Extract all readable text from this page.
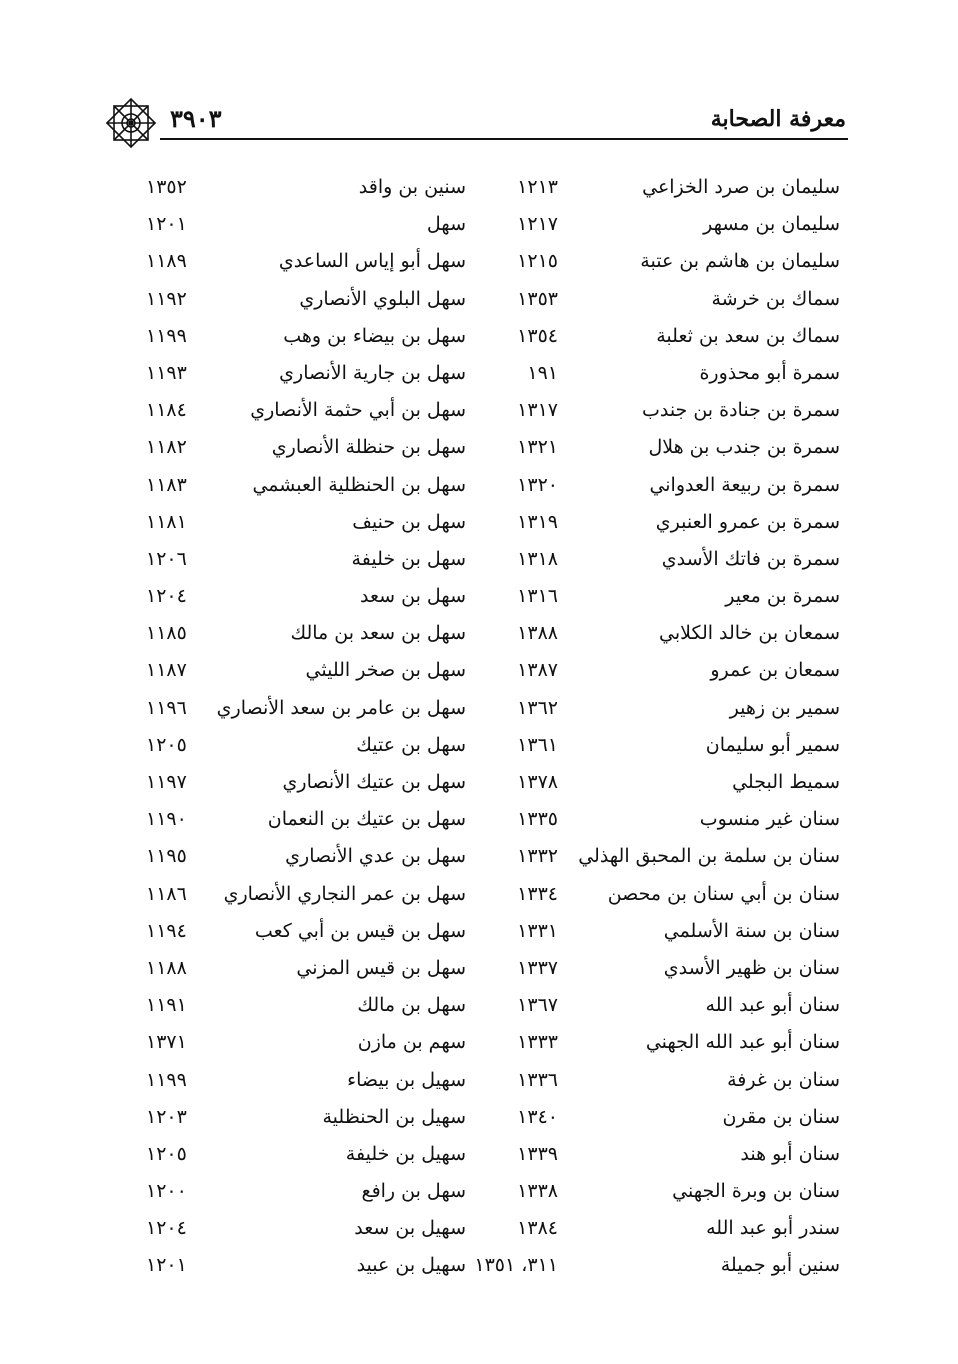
٣٩٠٣	معرفة الصحابة
سليمان بن صرد الخزاعي
١٢١٣
سنين بن واقد
١٣٥٢
سليمان بن مسهر
١٢١٧
سهل
١٢٠١
سليمان بن هاشم بن عتبة
١٢١٥
سهل أبو إياس الساعدي
١١٨٩
سماك بن خرشة
١٣٥٣
سهل البلوي الأنصاري
١١٩٢
سماك بن سعد بن ثعلبة
١٣٥٤
سهل بن بيضاء بن وهب
١١٩٩
سمرة أبو محذورة
١٩١
سهل بن جارية الأنصاري
١١٩٣
سمرة بن جنادة بن جندب
١٣١٧
سهل بن أبي حثمة الأنصاري
١١٨٤
سمرة بن جندب بن هلال
١٣٢١
سهل بن حنظلة الأنصاري
١١٨٢
سمرة بن ربيعة العدواني
١٣٢٠
سهل بن الحنظلية العبشمي
١١٨٣
سمرة بن عمرو العنبري
١٣١٩
سهل بن حنيف
١١٨١
سمرة بن فاتك الأسدي
١٣١٨
سهل بن خليفة
١٢٠٦
سمرة بن معير
١٣١٦
سهل بن سعد
١٢٠٤
سمعان بن خالد الكلابي
١٣٨٨
سهل بن سعد بن مالك
١١٨٥
سمعان بن عمرو
١٣٨٧
سهل بن صخر الليثي
١١٨٧
سمير بن زهير
١٣٦٢
سهل بن عامر بن سعد الأنصاري
١١٩٦
سمير أبو سليمان
١٣٦١
سهل بن عتيك
١٢٠٥
سميط البجلي
١٣٧٨
سهل بن عتيك الأنصاري
١١٩٧
سنان غير منسوب
١٣٣٥
سهل بن عتيك بن النعمان
١١٩٠
سنان بن سلمة بن المحبق الهذلي
١٣٣٢
سهل بن عدي الأنصاري
١١٩٥
سنان بن أبي سنان بن محصن
١٣٣٤
سهل بن عمر النجاري الأنصاري
١١٨٦
سنان بن سنة الأسلمي
١٣٣١
سهل بن قيس بن أبي كعب
١١٩٤
سنان بن ظهير الأسدي
١٣٣٧
سهل بن قيس المزني
١١٨٨
سنان أبو عبد الله
١٣٦٧
سهل بن مالك
١١٩١
سنان أبو عبد الله الجهني
١٣٣٣
سهم بن مازن
١٣٧١
سنان بن غرفة
١٣٣٦
سهيل بن بيضاء
١١٩٩
سنان بن مقرن
١٣٤٠
سهيل بن الحنظلية
١٢٠٣
سنان أبو هند
١٣٣٩
سهيل بن خليفة
١٢٠٥
سنان بن وبرة الجهني
١٣٣٨
سهل بن رافع
١٢٠٠
سندر أبو عبد الله
١٣٨٤
سهيل بن سعد
١٢٠٤
سنين أبو جميلة
٣١١، ١٣٥١
سهيل بن عبيد
١٢٠١
